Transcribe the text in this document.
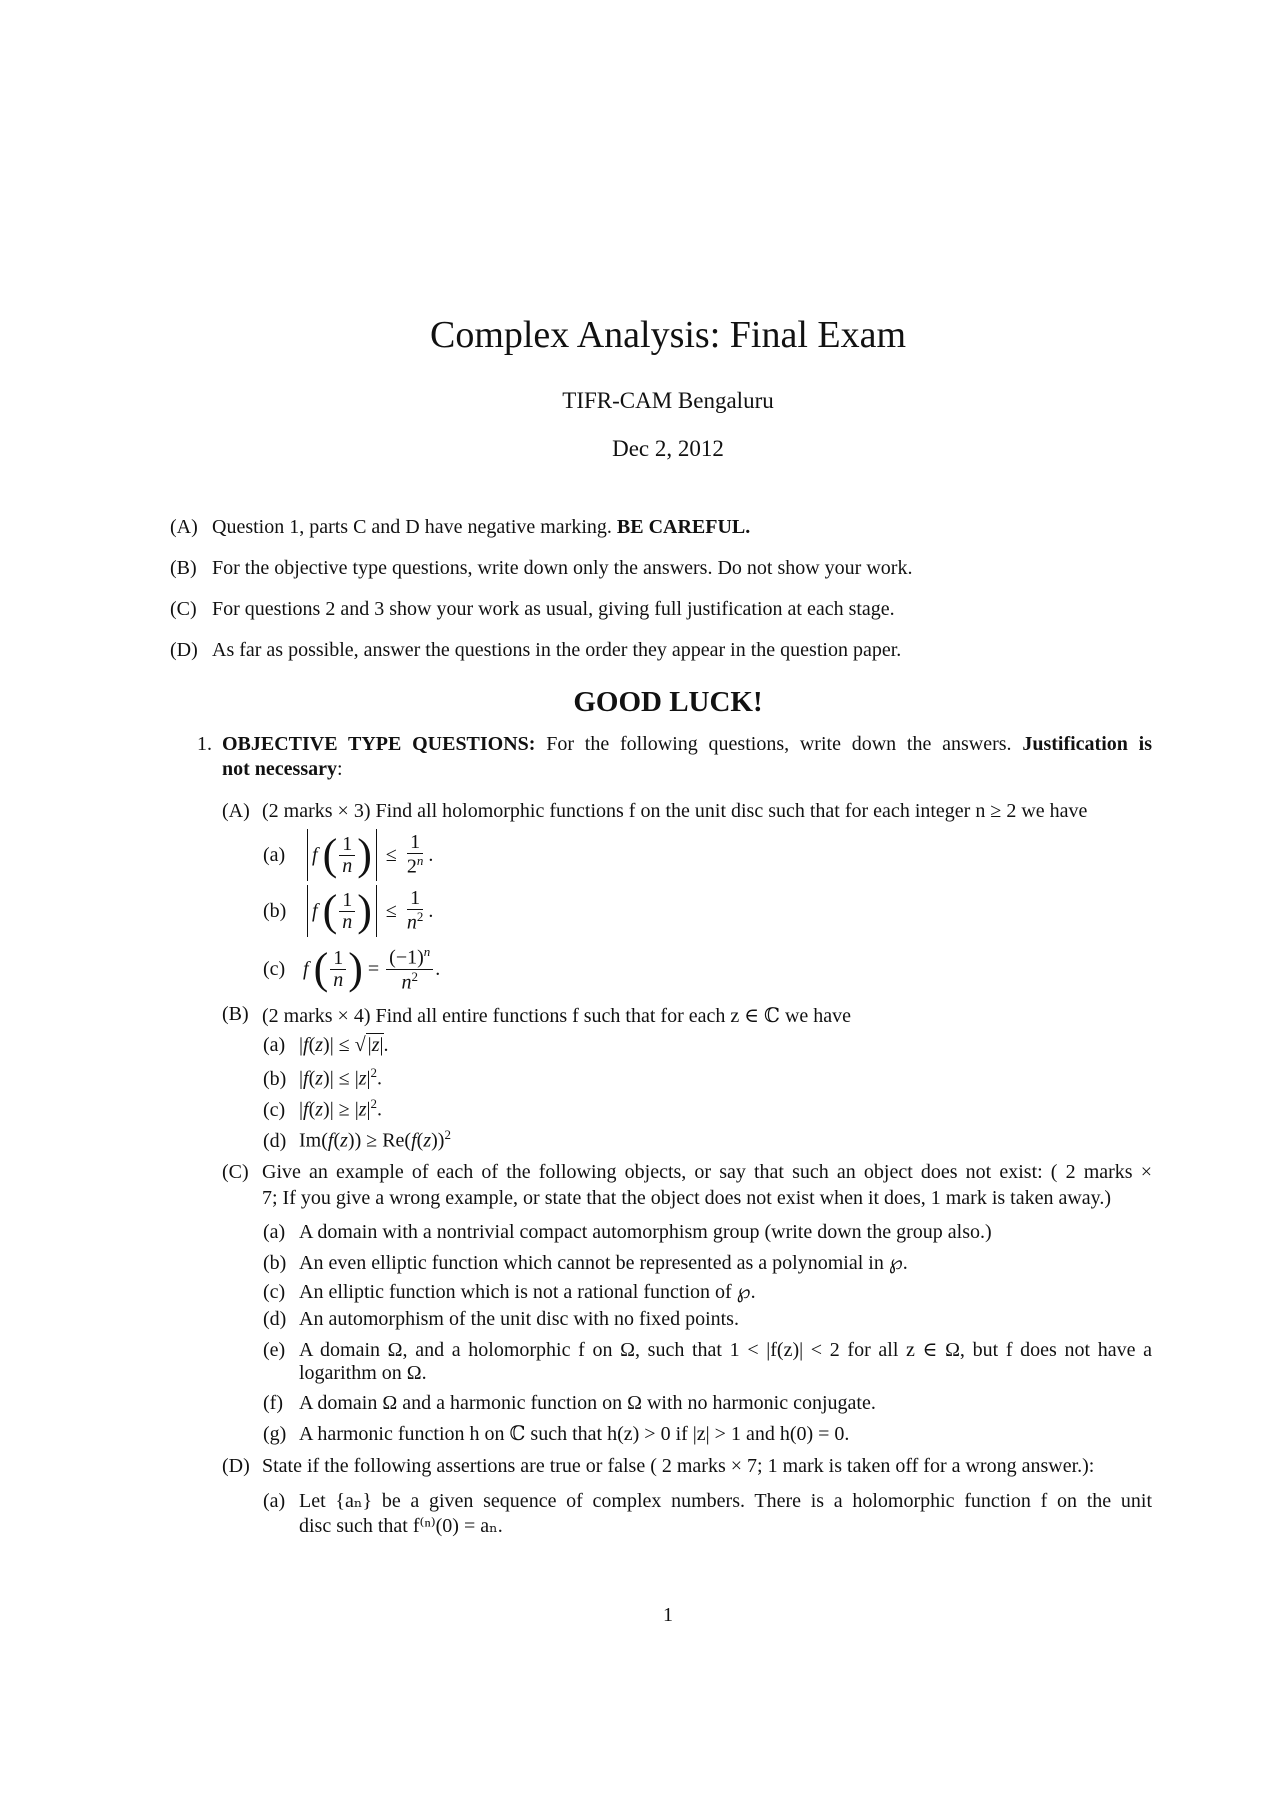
Complex Analysis: Final Exam
TIFR-CAM Bengaluru
Dec 2, 2012
(A) Question 1, parts C and D have negative marking. BE CAREFUL.
(B) For the objective type questions, write down only the answers. Do not show your work.
(C) For questions 2 and 3 show your work as usual, giving full justification at each stage.
(D) As far as possible, answer the questions in the order they appear in the question paper.
GOOD LUCK!
1. OBJECTIVE TYPE QUESTIONS: For the following questions, write down the answers. Justification is
not necessary:
(A) (2 marks × 3) Find all holomorphic functions f on the unit disc such that for each integer n ≥ 2 we have
(a)	f
( $\frac{1}{n}$ ) ≤ $\frac{1}{2^n}$ .
(b)	f
( $\frac{1}{n}$ ) ≤ $\frac{1}{n^2}$ .
(c) f
( $\frac{1}{n}$ ) = $\frac{(-1)^n}{n^2}$ .
(B) (2 marks × 4) Find all entire functions f such that for each z ∈ ℂ we have
(a) |f(z)| ≤ √ |z|.
(b) $|f(z)| \le |z|^2$.
(c) $|f(z)| \ge |z|^2$.
(d) $Im(f(z)) \ge Re(f(z))^2$
(C) Give an example of each of the following objects, or say that such an object does not exist: ( 2 marks ×
7; If you give a wrong example, or state that the object does not exist when it does, 1 mark is taken away.)
(a) A domain with a nontrivial compact automorphism group (write down the group also.)
(b) An even elliptic function which cannot be represented as a polynomial in ℘.
(c) An elliptic function which is not a rational function of ℘.
(d) An automorphism of the unit disc with no fixed points.
(e) A domain Ω, and a holomorphic f on Ω, such that 1 < |f(z)| < 2 for all z ∈ Ω, but f does not have a
logarithm on Ω.
(f) A domain Ω and a harmonic function on Ω with no harmonic conjugate.
(g) A harmonic function h on ℂ such that h(z) > 0 if |z| > 1 and h(0) = 0.
(D) State if the following assertions are true or false ( 2 marks × 7; 1 mark is taken off for a wrong answer.):
(a) Let {aₙ} be a given sequence of complex numbers. There is a holomorphic function f on the unit
disc such that f⁽ⁿ⁾(0) = aₙ.
1
